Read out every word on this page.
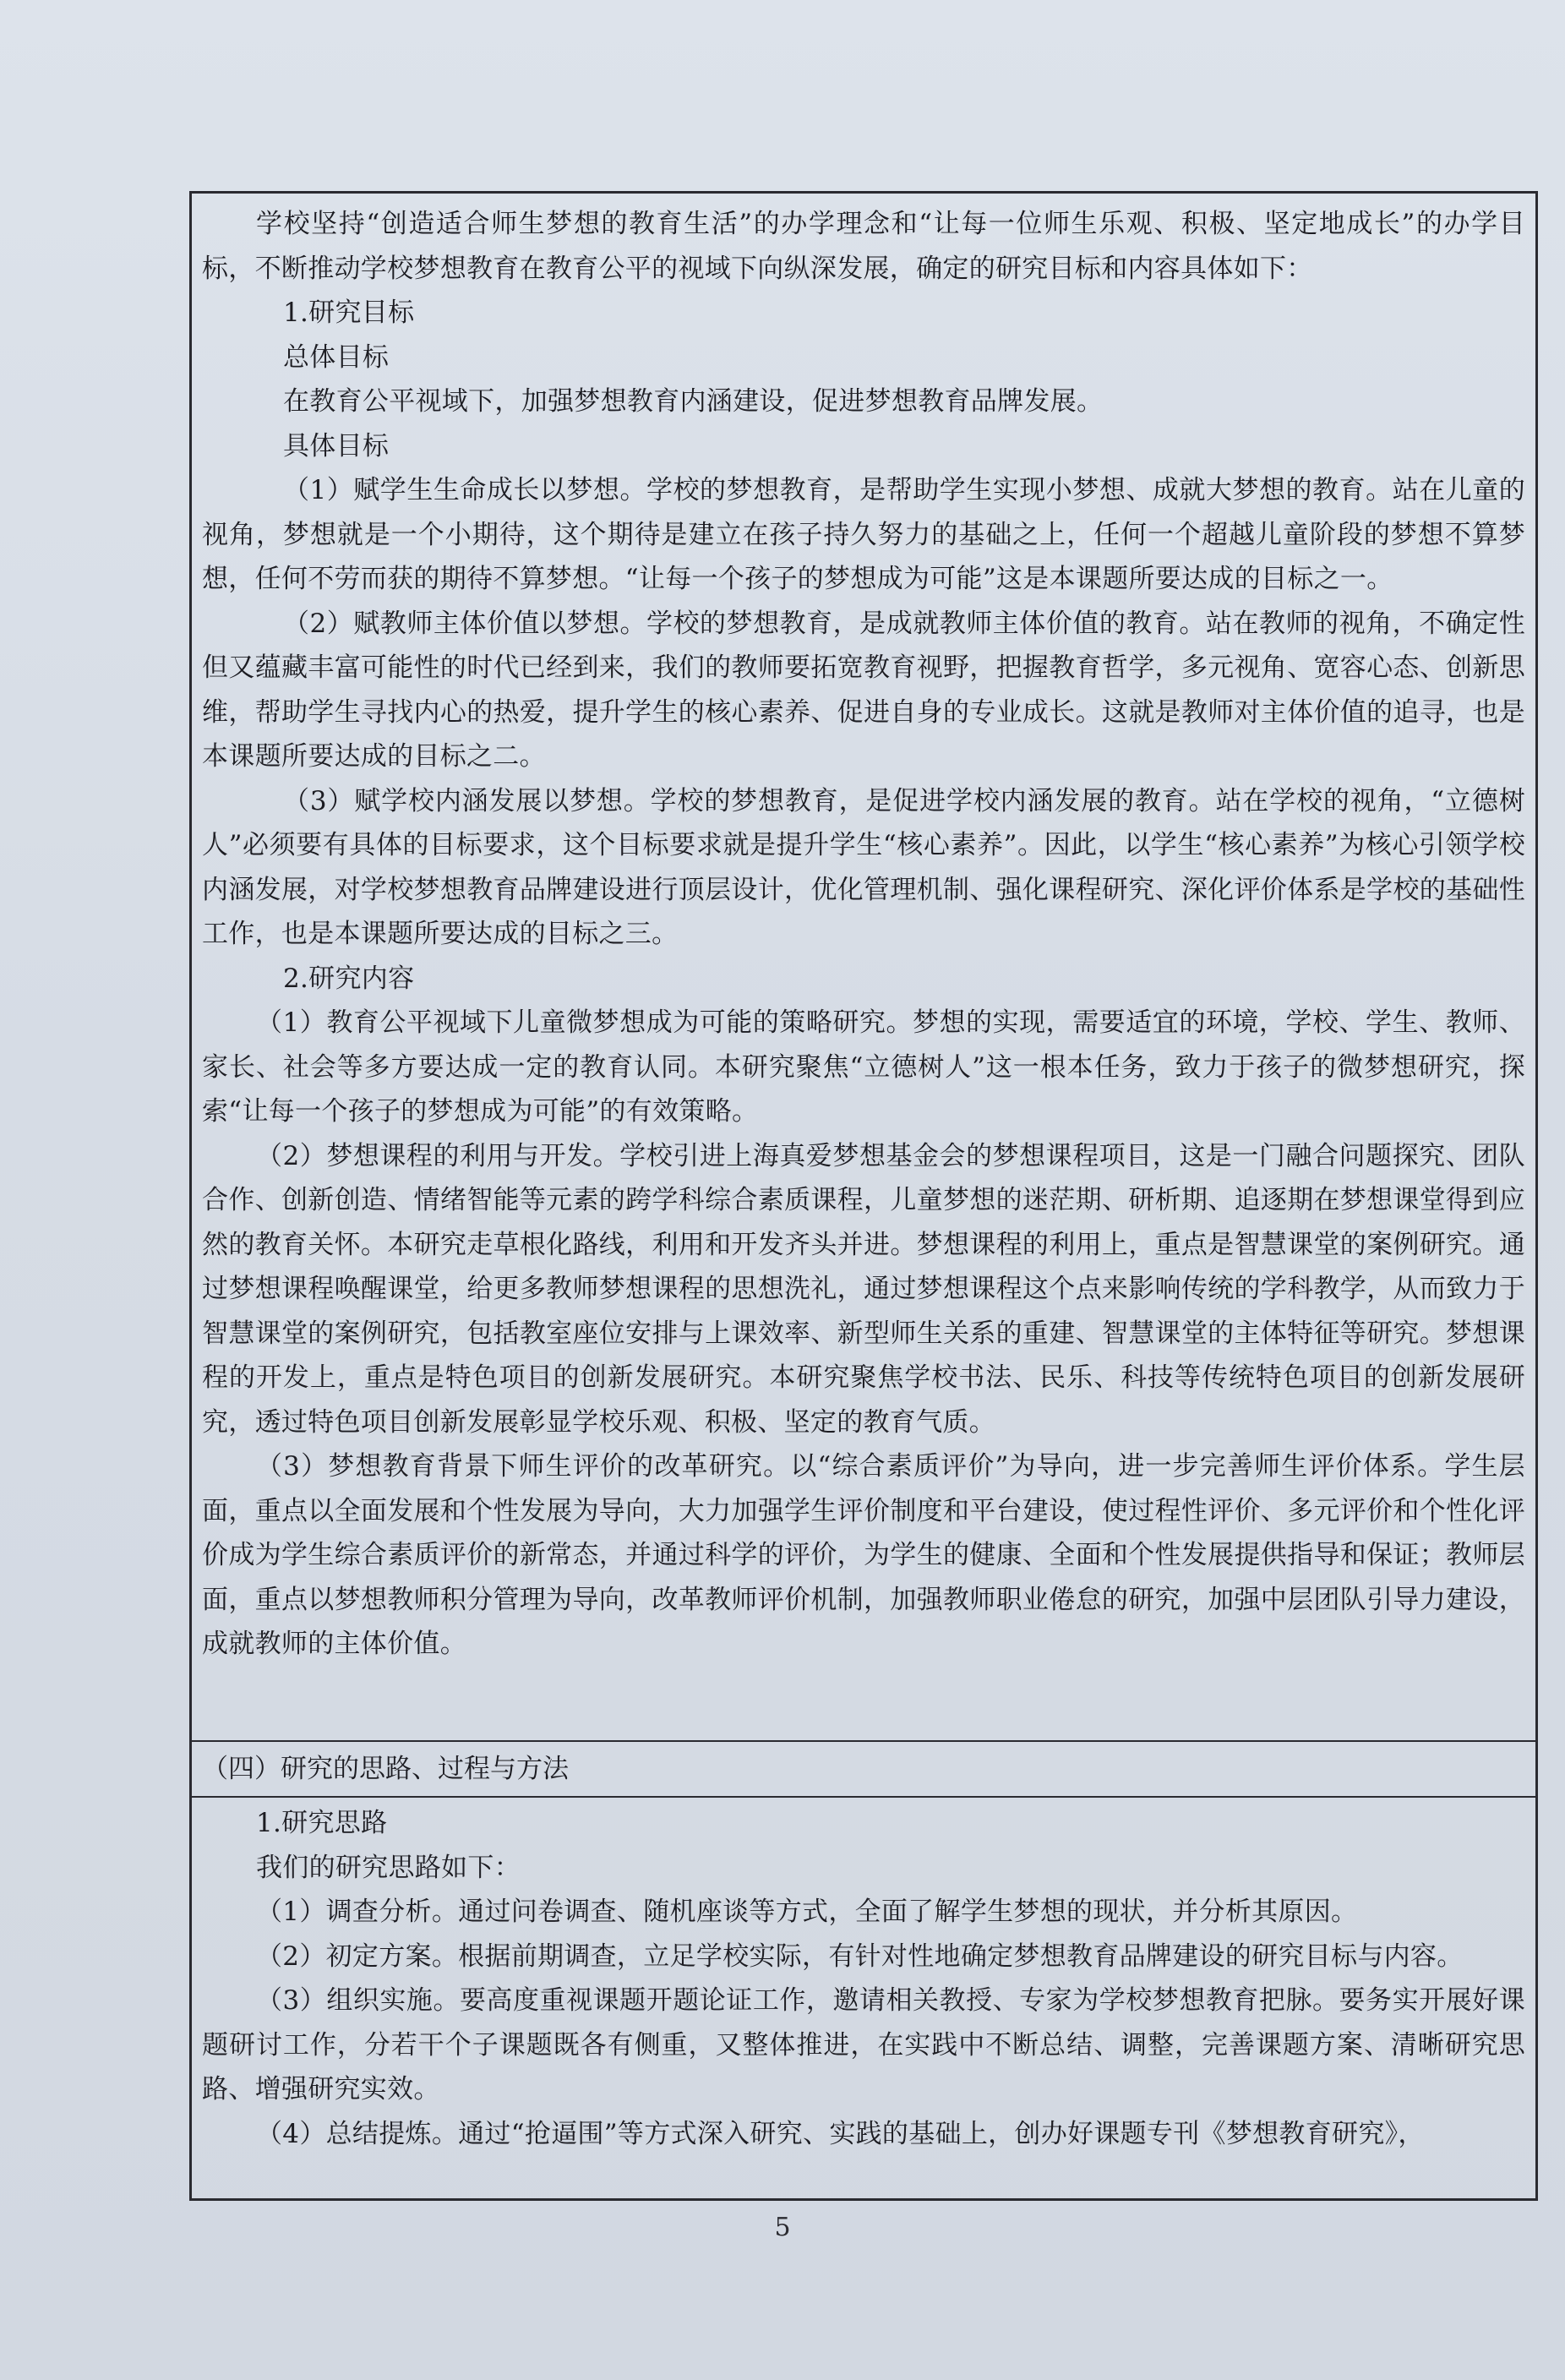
学校坚持“创造适合师生梦想的教育生活”的办学理念和“让每一位师生乐观、积极、坚定地成长”的办学目标，不断推动学校梦想教育在教育公平的视域下向纵深发展，确定的研究目标和内容具体如下：

1.研究目标

总体目标

在教育公平视域下，加强梦想教育内涵建设，促进梦想教育品牌发展。

具体目标

（1）赋学生生命成长以梦想。学校的梦想教育，是帮助学生实现小梦想、成就大梦想的教育。站在儿童的视角，梦想就是一个小期待，这个期待是建立在孩子持久努力的基础之上，任何一个超越儿童阶段的梦想不算梦想，任何不劳而获的期待不算梦想。“让每一个孩子的梦想成为可能”这是本课题所要达成的目标之一。

（2）赋教师主体价值以梦想。学校的梦想教育，是成就教师主体价值的教育。站在教师的视角，不确定性但又蕴藏丰富可能性的时代已经到来，我们的教师要拓宽教育视野，把握教育哲学，多元视角、宽容心态、创新思维，帮助学生寻找内心的热爱，提升学生的核心素养、促进自身的专业成长。这就是教师对主体价值的追寻，也是本课题所要达成的目标之二。

（3）赋学校内涵发展以梦想。学校的梦想教育，是促进学校内涵发展的教育。站在学校的视角，“立德树人”必须要有具体的目标要求，这个目标要求就是提升学生“核心素养”。因此，以学生“核心素养”为核心引领学校内涵发展，对学校梦想教育品牌建设进行顶层设计，优化管理机制、强化课程研究、深化评价体系是学校的基础性工作，也是本课题所要达成的目标之三。

2.研究内容

（1）教育公平视域下儿童微梦想成为可能的策略研究。梦想的实现，需要适宜的环境，学校、学生、教师、家长、社会等多方要达成一定的教育认同。本研究聚焦“立德树人”这一根本任务，致力于孩子的微梦想研究，探索“让每一个孩子的梦想成为可能”的有效策略。

（2）梦想课程的利用与开发。学校引进上海真爱梦想基金会的梦想课程项目，这是一门融合问题探究、团队合作、创新创造、情绪智能等元素的跨学科综合素质课程，儿童梦想的迷茫期、研析期、追逐期在梦想课堂得到应然的教育关怀。本研究走草根化路线，利用和开发齐头并进。梦想课程的利用上，重点是智慧课堂的案例研究。通过梦想课程唤醒课堂，给更多教师梦想课程的思想洗礼，通过梦想课程这个点来影响传统的学科教学，从而致力于智慧课堂的案例研究，包括教室座位安排与上课效率、新型师生关系的重建、智慧课堂的主体特征等研究。梦想课程的开发上，重点是特色项目的创新发展研究。本研究聚焦学校书法、民乐、科技等传统特色项目的创新发展研究，透过特色项目创新发展彰显学校乐观、积极、坚定的教育气质。

（3）梦想教育背景下师生评价的改革研究。以“综合素质评价”为导向，进一步完善师生评价体系。学生层面，重点以全面发展和个性发展为导向，大力加强学生评价制度和平台建设，使过程性评价、多元评价和个性化评价成为学生综合素质评价的新常态，并通过科学的评价，为学生的健康、全面和个性发展提供指导和保证；教师层面，重点以梦想教师积分管理为导向，改革教师评价机制，加强教师职业倦怠的研究，加强中层团队引导力建设，成就教师的主体价值。

（四）研究的思路、过程与方法

1.研究思路

我们的研究思路如下：

（1）调查分析。通过问卷调查、随机座谈等方式，全面了解学生梦想的现状，并分析其原因。

（2）初定方案。根据前期调查，立足学校实际，有针对性地确定梦想教育品牌建设的研究目标与内容。

（3）组织实施。要高度重视课题开题论证工作，邀请相关教授、专家为学校梦想教育把脉。要务实开展好课题研讨工作，分若干个子课题既各有侧重，又整体推进，在实践中不断总结、调整，完善课题方案、清晰研究思路、增强研究实效。

（4）总结提炼。通过“抢逼围”等方式深入研究、实践的基础上，创办好课题专刊《梦想教育研究》，

5
